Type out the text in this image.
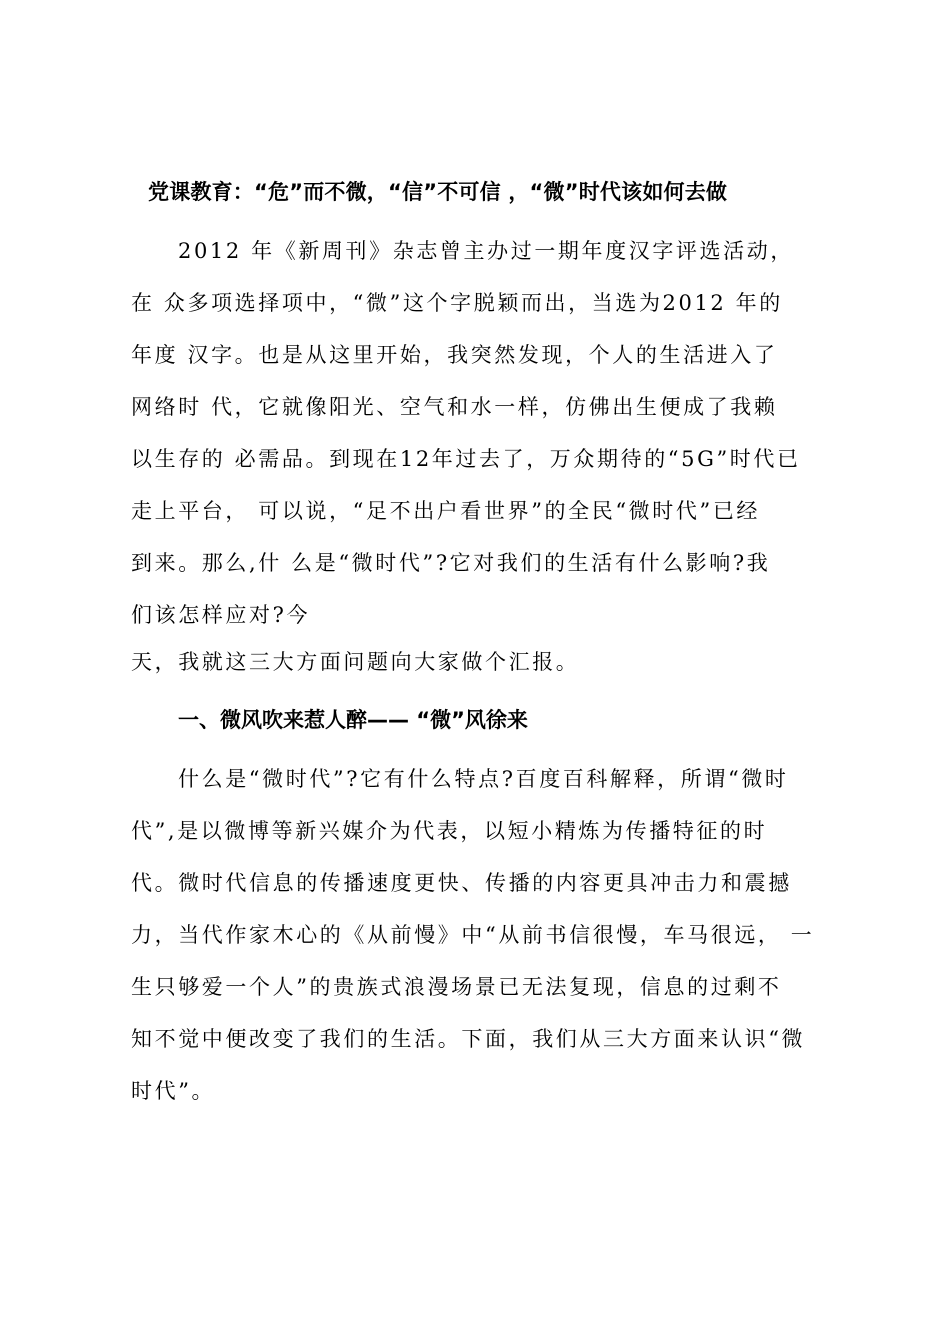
党课教育：“危”而不微，“信”不可信 ，“微”时代该如何去做
2012 年《新周刊》杂志曾主办过一期年度汉字评选活动，
在 众多项选择项中，“微”这个字脱颖而出，当选为2012 年的
年度 汉字。也是从这里开始，我突然发现，个人的生活进入了
网络时 代，它就像阳光、空气和水一样，仿佛出生便成了我赖
以生存的 必需品。到现在12年过去了，万众期待的“5G”时代已
走上平台， 可以说，“足不出户看世界”的全民“微时代”已经
到来。那么,什 么是“微时代”?它对我们的生活有什么影响?我
们该怎样应对?今
天，我就这三大方面问题向大家做个汇报。
一、微风吹来惹人醉—— “微”风徐来
什么是“微时代”?它有什么特点?百度百科解释，所谓“微时
代”,是以微博等新兴媒介为代表，以短小精炼为传播特征的时
代。微时代信息的传播速度更快、传播的内容更具冲击力和震撼
力，当代作家木心的《从前慢》中“从前书信很慢，车马很远， 一
生只够爱一个人”的贵族式浪漫场景已无法复现，信息的过剩不
知不觉中便改变了我们的生活。下面，我们从三大方面来认识“微
时代”。
